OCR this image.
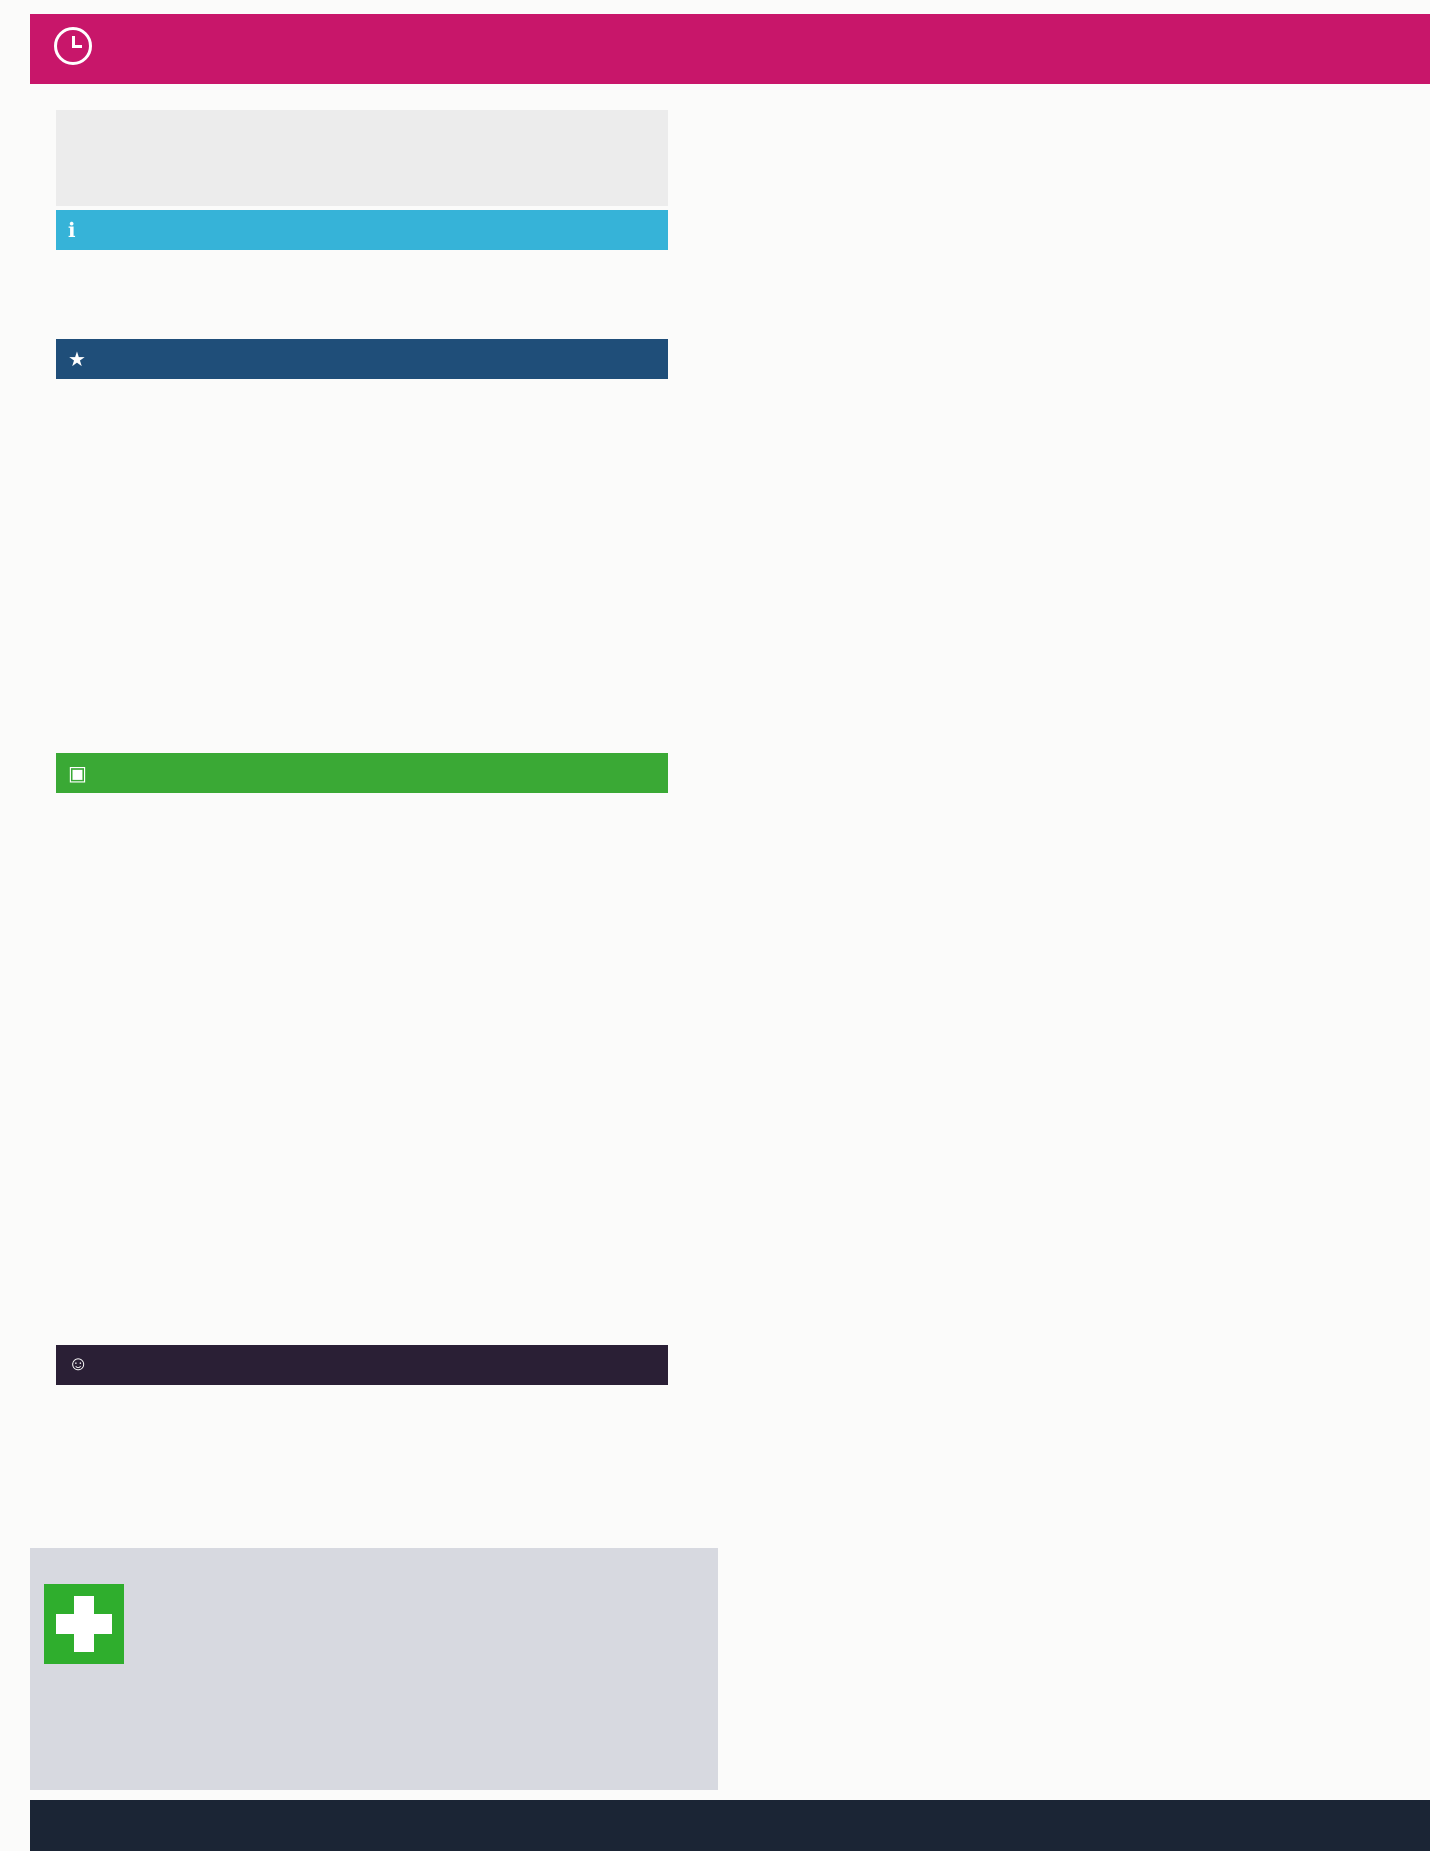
ℹ
★
▣
☺
